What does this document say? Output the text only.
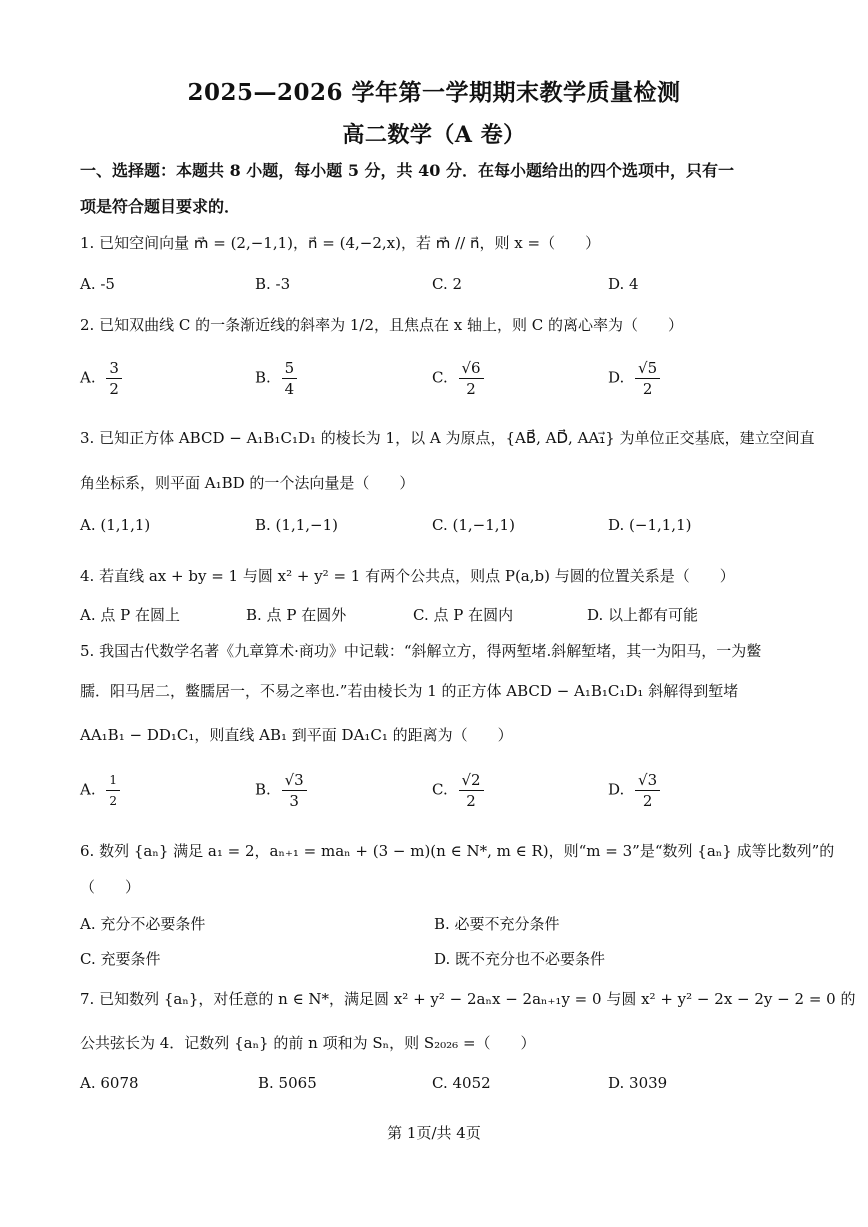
2025—2026 学年第一学期期末教学质量检测
高二数学（A 卷）
一、选择题：本题共 8 小题，每小题 5 分，共 40 分．在每小题给出的四个选项中，只有一
项是符合题目要求的．
1. 已知空间向量 m⃗ = (2,−1,1)，n⃗ = (4,−2,x)，若 m⃗ // n⃗，则 x =（　　）
A. -5	B. -3	C. 2	D. 4
2. 已知双曲线 C 的一条渐近线的斜率为 1/2，且焦点在 x 轴上，则 C 的离心率为（　　）
A. $\frac{3}{2}$	B. $\frac{5}{4}$	C. $\frac{√6}{2}$	D. $\frac{√5}{2}$
3. 已知正方体 ABCD − A₁B₁C₁D₁ 的棱长为 1，以 A 为原点，{AB⃗, AD⃗, AA₁⃗} 为单位正交基底，建立空间直
角坐标系，则平面 A₁BD 的一个法向量是（　　）
A. (1,1,1)	B. (1,1,−1)	C. (1,−1,1)	D. (−1,1,1)
4. 若直线 ax + by = 1 与圆 x² + y² = 1 有两个公共点，则点 P(a,b) 与圆的位置关系是（　　）
A. 点 P 在圆上	B. 点 P 在圆外	C. 点 P 在圆内	D. 以上都有可能
5. 我国古代数学名著《九章算术·商功》中记载：“斜解立方，得两堑堵.斜解堑堵，其一为阳马，一为鳖
臑．阳马居二，鳖臑居一，不易之率也.”若由棱长为 1 的正方体 ABCD − A₁B₁C₁D₁ 斜解得到堑堵
AA₁B₁ − DD₁C₁，则直线 AB₁ 到平面 DA₁C₁ 的距离为（　　）
A. $\frac{1}{2}$	B. $\frac{√3}{3}$	C. $\frac{√2}{2}$	D. $\frac{√3}{2}$
6. 数列 {aₙ} 满足 a₁ = 2，aₙ₊₁ = maₙ + (3 − m)(n ∈ N*, m ∈ R)，则“m = 3”是“数列 {aₙ} 成等比数列”的
（　　）
A. 充分不必要条件	B. 必要不充分条件
C. 充要条件	D. 既不充分也不必要条件
7. 已知数列 {aₙ}，对任意的 n ∈ N*，满足圆 x² + y² − 2aₙx − 2aₙ₊₁y = 0 与圆 x² + y² − 2x − 2y − 2 = 0 的
公共弦长为 4．记数列 {aₙ} 的前 n 项和为 Sₙ，则 S₂₀₂₆ =（　　）
A. 6078	B. 5065	C. 4052	D. 3039
第 1页/共 4页
